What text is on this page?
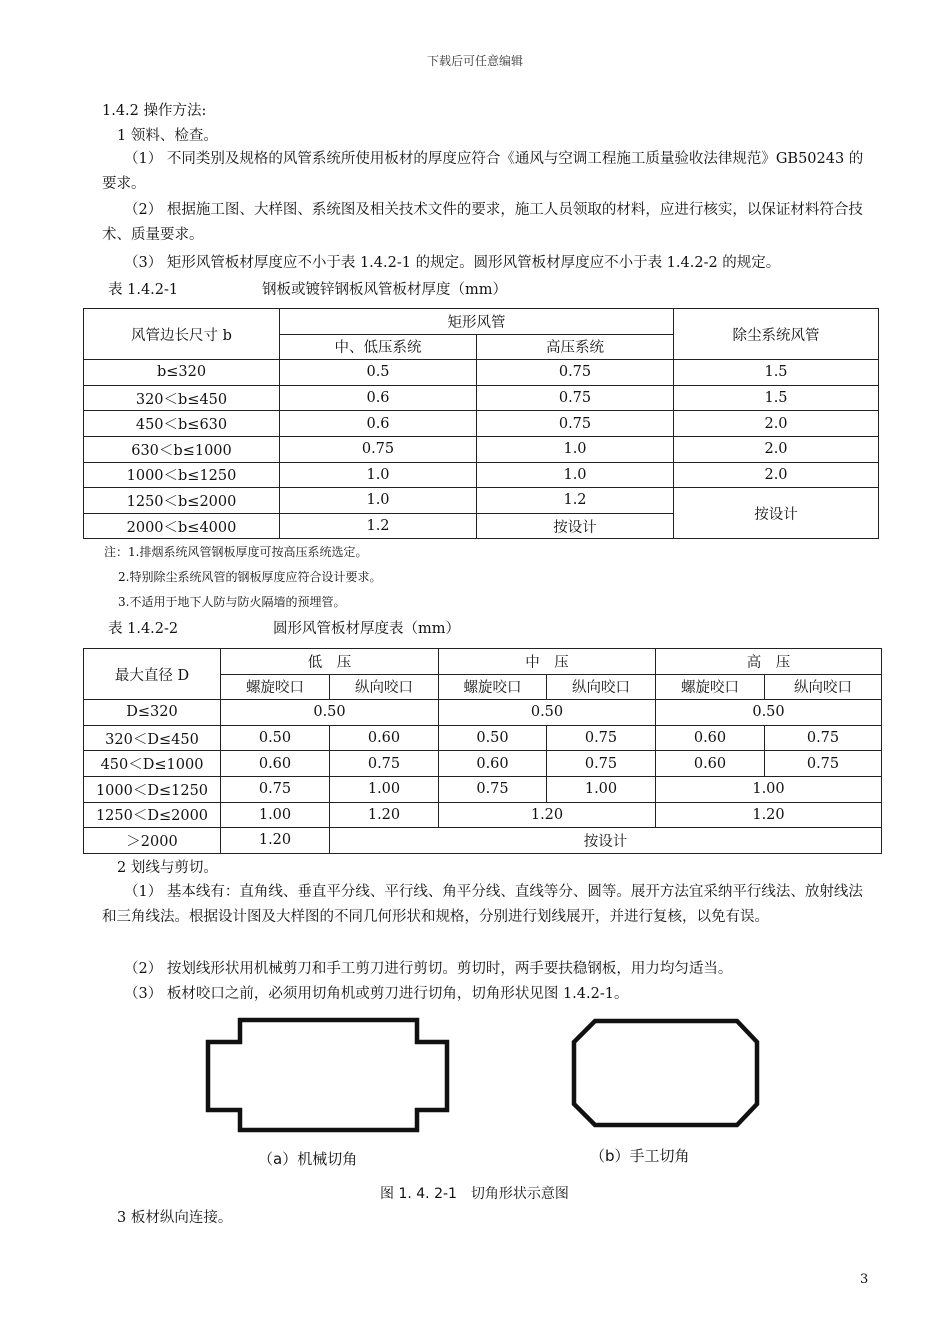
下载后可任意编辑
1.4.2 操作方法:
1 领料、检查。
（1） 不同类别及规格的风管系统所使用板材的厚度应符合《通风与空调工程施工质量验收法律规范》GB50243 的要求。
（2） 根据施工图、大样图、系统图及相关技术文件的要求，施工人员领取的材料，应进行核实，以保证材料符合技术、质量要求。
（3） 矩形风管板材厚度应不小于表 1.4.2-1 的规定。圆形风管板材厚度应不小于表 1.4.2-2 的规定。
表 1.4.2-1	钢板或镀锌钢板风管板材厚度（mm）
风管边长尺寸 b	矩形风管		除尘系统风管
	中、低压系统	高压系统	
b≤320	0.5	0.75	1.5
320＜b≤450	0.6	0.75	1.5
450＜b≤630	0.6	0.75	2.0
630＜b≤1000	0.75	1.0	2.0
1000＜b≤1250	1.0	1.0	2.0
1250＜b≤2000	1.0	1.2	按设计
2000＜b≤4000	1.2	按设计	
注：1.排烟系统风管钢板厚度可按高压系统选定。
2.特别除尘系统风管的钢板厚度应符合设计要求。
3.不适用于地下人防与防火隔墙的预埋管。
表 1.4.2-2	圆形风管板材厚度表（mm）
最大直径 D	低　压		中　压		高　压	
	螺旋咬口	纵向咬口	螺旋咬口	纵向咬口	螺旋咬口	纵向咬口
D≤320	0.50		0.50		0.50	
320＜D≤450	0.50	0.60	0.50	0.75	0.60	0.75
450＜D≤1000	0.60	0.75	0.60	0.75	0.60	0.75
1000＜D≤1250	0.75	1.00	0.75	1.00	1.00	
1250＜D≤2000	1.00	1.20	1.20		1.20	
＞2000	1.20	按设计				
2 划线与剪切。
（1） 基本线有：直角线、垂直平分线、平行线、角平分线、直线等分、圆等。展开方法宜采纳平行线法、放射线法和三角线法。根据设计图及大样图的不同几何形状和规格，分别进行划线展开，并进行复核，以免有误。
（2） 按划线形状用机械剪刀和手工剪刀进行剪切。剪切时，两手要扶稳钢板，用力均匀适当。
（3） 板材咬口之前，必须用切角机或剪刀进行切角，切角形状见图 1.4.2-1。
（a）机械切角	（b）手工切角
图 1. 4. 2-1　切角形状示意图
3 板材纵向连接。
3
